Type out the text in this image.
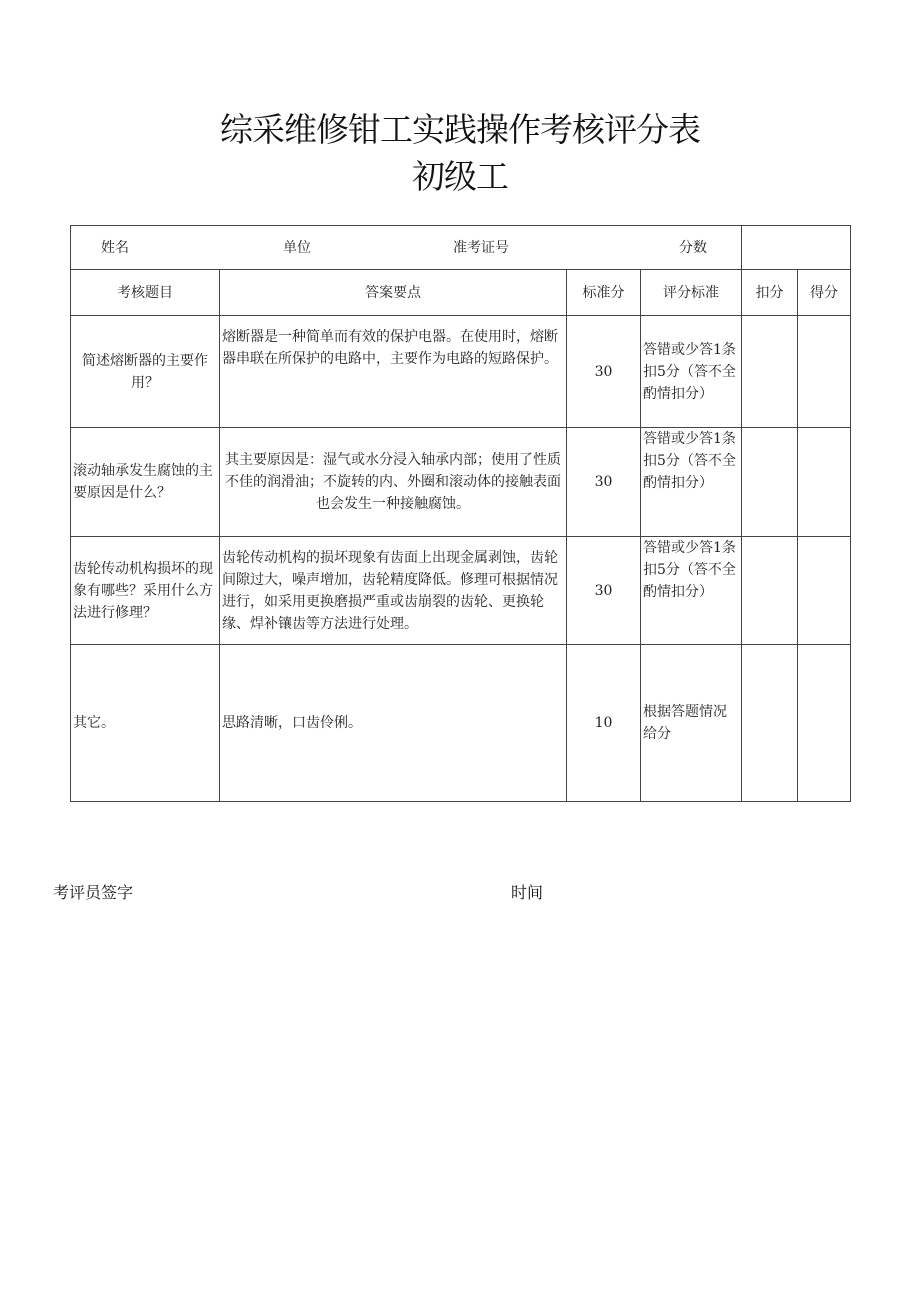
综采维修钳工实践操作考核评分表
初级工
姓名 单位 准考证号 分数					

考核题目	答案要点	标准分	评分标准	扣分	得分
简述熔断器的主要作用？	熔断器是一种简单而有效的保护电器。在使用时，熔断器串联在所保护的电路中，主要作为电路的短路保护。	30	答错或少答1条扣5分（答不全酌情扣分）		
滚动轴承发生腐蚀的主要原因是什么？	其主要原因是：湿气或水分浸入轴承内部；使用了性质不佳的润滑油；不旋转的内、外圈和滚动体的接触表面也会发生一种接触腐蚀。	30	答错或少答1条扣5分（答不全酌情扣分）		
齿轮传动机构损坏的现象有哪些？采用什么方法进行修理？	齿轮传动机构的损坏现象有齿面上出现金属剥蚀，齿轮间隙过大，噪声增加，齿轮精度降低。修理可根据情况进行，如采用更换磨损严重或齿崩裂的齿轮、更换轮缘、焊补镶齿等方法进行处理。	30	答错或少答1条扣5分（答不全酌情扣分）		
其它。	思路清晰，口齿伶俐。	10	根据答题情况给分		
考评员签字	时间
